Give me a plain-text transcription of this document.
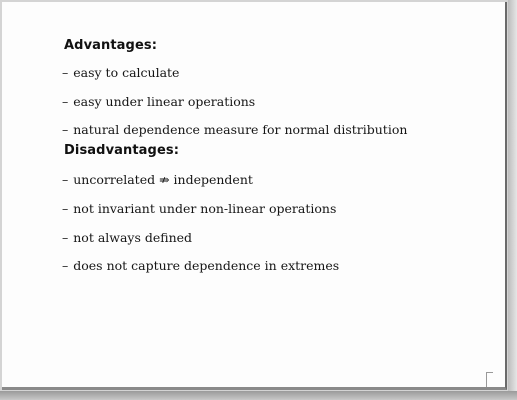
Advantages:

– easy to calculate

– easy under linear operations

– natural dependence measure for normal distribution

Disadvantages:

– uncorrelated ⇏ independent

– not invariant under non-linear operations

– not always defined

– does not capture dependence in extremes
